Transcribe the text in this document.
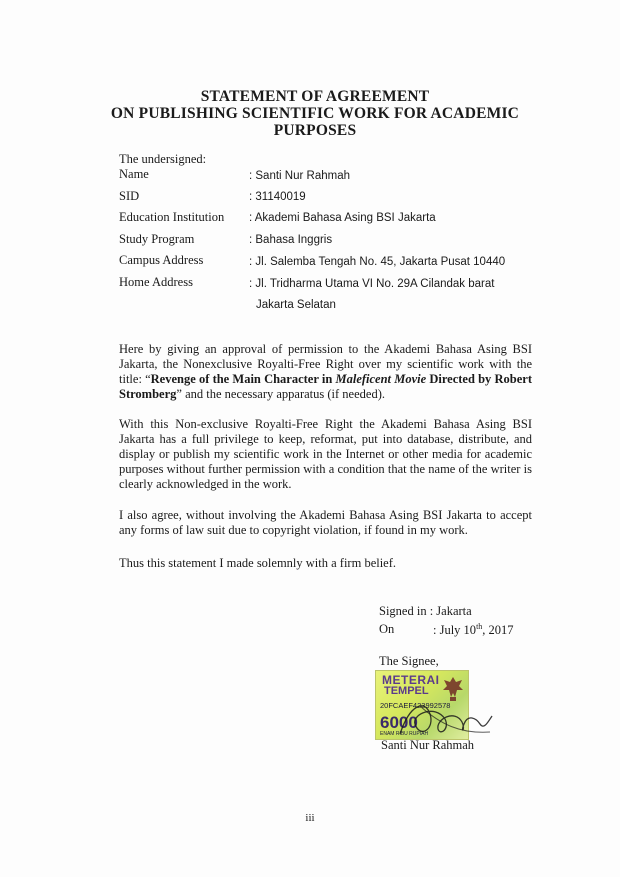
STATEMENT OF AGREEMENT
ON PUBLISHING SCIENTIFIC WORK FOR ACADEMIC
PURPOSES
The undersigned:
Name	: Santi Nur Rahmah
SID	: 31140019
Education Institution : Akademi Bahasa Asing BSI Jakarta
Study Program	: Bahasa Inggris
Campus Address	: Jl. Salemba Tengah No. 45, Jakarta Pusat 10440
Home Address	: Jl. Tridharma Utama VI No. 29A Cilandak barat
Jakarta Selatan
Here by giving an approval of permission to the Akademi Bahasa Asing BSI
Jakarta, the Nonexclusive Royalti-Free Right over my scientific work with the
title: “Revenge of the Main Character in Maleficent Movie Directed by Robert
Stromberg” and the necessary apparatus (if needed).
With this Non-exclusive Royalti-Free Right the Akademi Bahasa Asing BSI
Jakarta has a full privilege to keep, reformat, put into database, distribute, and
display or publish my scientific work in the Internet or other media for academic
purposes without further permission with a condition that the name of the writer is
clearly acknowledged in the work.
I also agree, without involving the Akademi Bahasa Asing BSI Jakarta to accept
any forms of law suit due to copyright violation, if found in my work.
Thus this statement I made solemnly with a firm belief.
Signed in : Jakarta
On	: July 10th, 2017
The Signee,
METERAI
TEMPEL
20FCAEF423992578
6000
ENAM RIBU RUPIAH
Santi Nur Rahmah
iii
